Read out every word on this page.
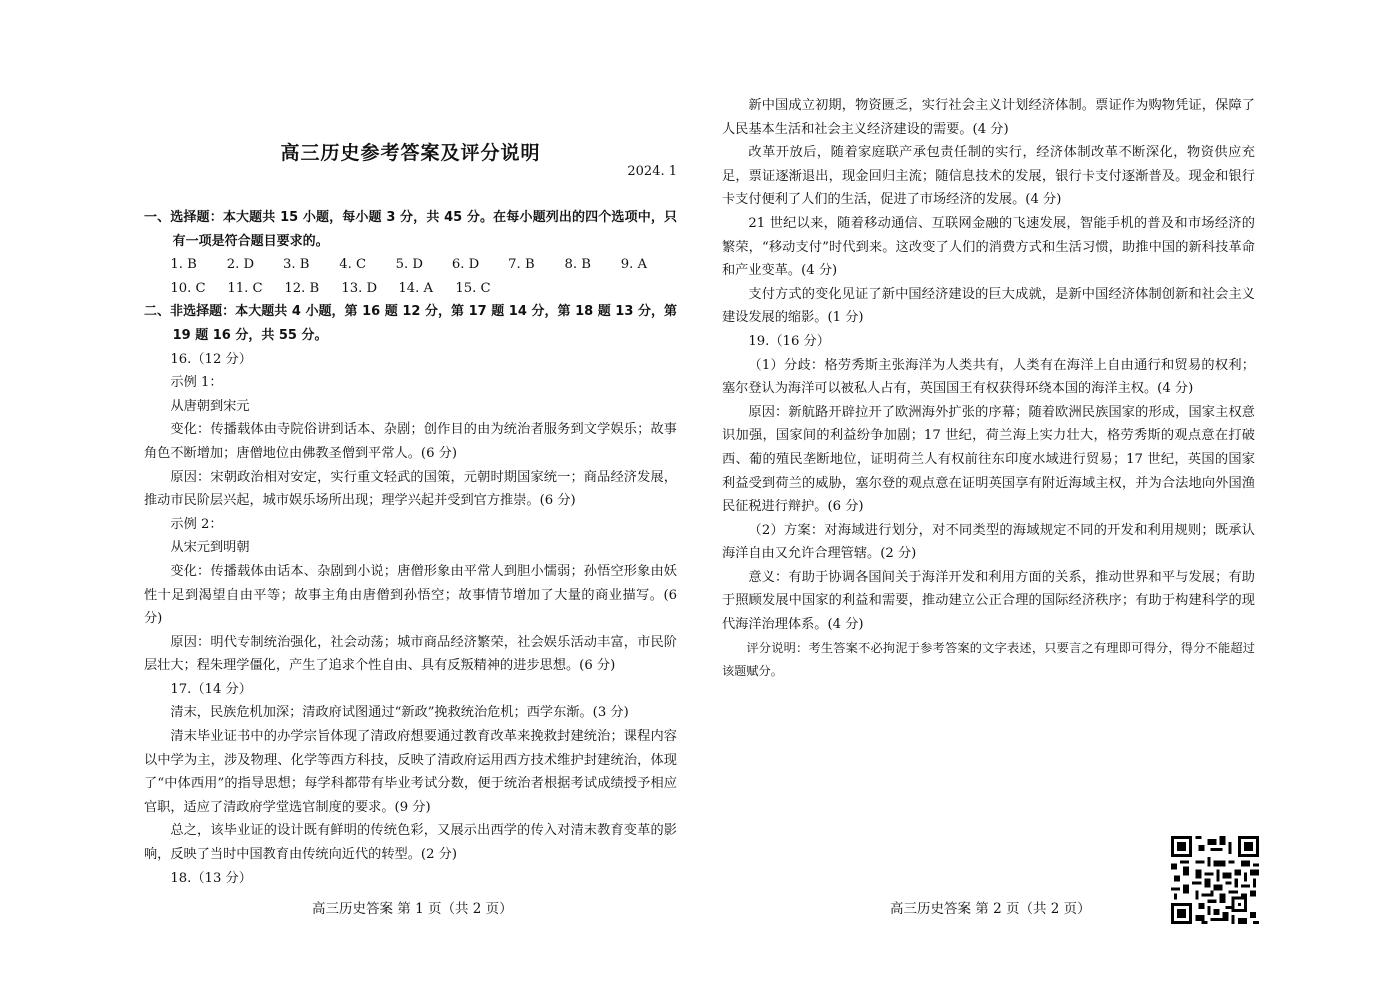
高三历史参考答案及评分说明
2024. 1

一、选择题：本大题共 15 小题，每小题 3 分，共 45 分。在每小题列出的四个选项中，只有一项是符合题目要求的。

1. B	2. D	3. B	4. C	5. D	6. D	7. B	8. B	9. A
10. C	11. C	12. B	13. D	14. A	15. C

二、非选择题：本大题共 4 小题，第 16 题 12 分，第 17 题 14 分，第 18 题 13 分，第 19 题 16 分，共 55 分。

16.（12 分）

示例 1：

从唐朝到宋元

变化：传播载体由寺院俗讲到话本、杂剧；创作目的由为统治者服务到文学娱乐；故事角色不断增加；唐僧地位由佛教圣僧到平常人。(6 分)

原因：宋朝政治相对安定，实行重文轻武的国策，元朝时期国家统一；商品经济发展，推动市民阶层兴起，城市娱乐场所出现；理学兴起并受到官方推崇。(6 分)

示例 2：

从宋元到明朝

变化：传播载体由话本、杂剧到小说；唐僧形象由平常人到胆小懦弱；孙悟空形象由妖性十足到渴望自由平等；故事主角由唐僧到孙悟空；故事情节增加了大量的商业描写。(6 分)

原因：明代专制统治强化，社会动荡；城市商品经济繁荣，社会娱乐活动丰富，市民阶层壮大；程朱理学僵化，产生了追求个性自由、具有反叛精神的进步思想。(6 分)

17.（14 分）

清末，民族危机加深；清政府试图通过“新政”挽救统治危机；西学东渐。(3 分)

清末毕业证书中的办学宗旨体现了清政府想要通过教育改革来挽救封建统治；课程内容以中学为主，涉及物理、化学等西方科技，反映了清政府运用西方技术维护封建统治，体现了“中体西用”的指导思想；每学科都带有毕业考试分数，便于统治者根据考试成绩授予相应官职，适应了清政府学堂选官制度的要求。(9 分)

总之，该毕业证的设计既有鲜明的传统色彩，又展示出西学的传入对清末教育变革的影响，反映了当时中国教育由传统向近代的转型。(2 分)

18.（13 分）

新中国成立初期，物资匮乏，实行社会主义计划经济体制。票证作为购物凭证，保障了人民基本生活和社会主义经济建设的需要。(4 分)

改革开放后，随着家庭联产承包责任制的实行，经济体制改革不断深化，物资供应充足，票证逐渐退出，现金回归主流；随信息技术的发展，银行卡支付逐渐普及。现金和银行卡支付便利了人们的生活，促进了市场经济的发展。(4 分)

21 世纪以来，随着移动通信、互联网金融的飞速发展，智能手机的普及和市场经济的繁荣，“移动支付”时代到来。这改变了人们的消费方式和生活习惯，助推中国的新科技革命和产业变革。(4 分)

支付方式的变化见证了新中国经济建设的巨大成就，是新中国经济体制创新和社会主义建设发展的缩影。(1 分)

19.（16 分）

（1）分歧：格劳秀斯主张海洋为人类共有，人类有在海洋上自由通行和贸易的权利；塞尔登认为海洋可以被私人占有，英国国王有权获得环绕本国的海洋主权。(4 分)

原因：新航路开辟拉开了欧洲海外扩张的序幕；随着欧洲民族国家的形成，国家主权意识加强，国家间的利益纷争加剧；17 世纪，荷兰海上实力壮大，格劳秀斯的观点意在打破西、葡的殖民垄断地位，证明荷兰人有权前往东印度水域进行贸易；17 世纪，英国的国家利益受到荷兰的威胁，塞尔登的观点意在证明英国享有附近海域主权，并为合法地向外国渔民征税进行辩护。(6 分)

（2）方案：对海域进行划分，对不同类型的海域规定不同的开发和利用规则；既承认海洋自由又允许合理管辖。(2 分)

意义：有助于协调各国间关于海洋开发和利用方面的关系，推动世界和平与发展；有助于照顾发展中国家的利益和需要，推动建立公正合理的国际经济秩序；有助于构建科学的现代海洋治理体系。(4 分)

评分说明：考生答案不必拘泥于参考答案的文字表述，只要言之有理即可得分，得分不能超过该题赋分。

高三历史答案 第 1 页（共 2 页）	高三历史答案 第 2 页（共 2 页）
